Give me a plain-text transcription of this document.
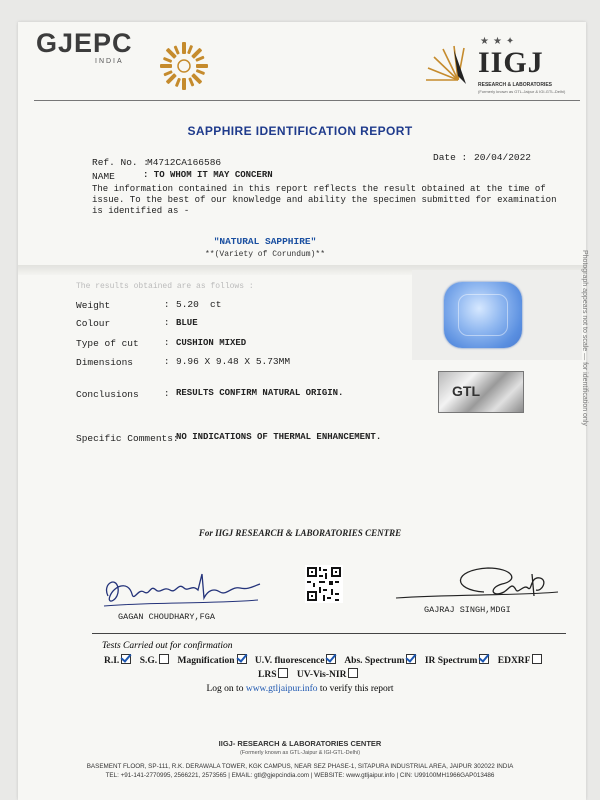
GJEPC
INDIA
★★✦
IIGJ
RESEARCH & LABORATORIES
(Formerly known as GTL-Jaipur & IGI-GTL-Delhi)
SAPPHIRE IDENTIFICATION REPORT
Ref. No. :
M4712CA166586	Date : 20/04/2022
NAME	: TO WHOM IT MAY CONCERN
The information contained in this report reflects the result obtained at the time of issue. To the best of our knowledge and ability the specimen submitted for examination is identified as -
"NATURAL SAPPHIRE"
**(Variety of Corundum)**
The results obtained are as follows :
Weight	: 5.20 ct
Colour	: BLUE
Type of cut	: CUSHION MIXED
Dimensions	: 9.96 X 9.48 X 5.73MM
Conclusions	: RESULTS CONFIRM NATURAL ORIGIN.
Specific Comments:
NO INDICATIONS OF THERMAL ENHANCEMENT.
GTL	Photograph appears not to scale — for identification only
For IIGJ RESEARCH & LABORATORIES CENTRE
GAGAN CHOUDHARY,FGA
GAJRAJ SINGH,MDGI
Tests Carried out for confirmation
R.I. S.G. Magnification U.V. fluorescence Abs. Spectrum IR Spectrum EDXRF
LRS UV-Vis-NIR
Log on to www.gtljaipur.info to verify this report
IIGJ- RESEARCH & LABORATORIES CENTER
(Formerly known as GTL-Jaipur & IGI-GTL-Delhi)
BASEMENT FLOOR, SP-111, R.K. DERAWALA TOWER, KGK CAMPUS, NEAR SEZ PHASE-1, SITAPURA INDUSTRIAL AREA, JAIPUR 302022 INDIA
TEL: +91-141-2770995, 2566221, 2573565 | EMAIL: gtl@gjepcindia.com | WEBSITE: www.gtljaipur.info | CIN: U99100MH1966GAP013486
